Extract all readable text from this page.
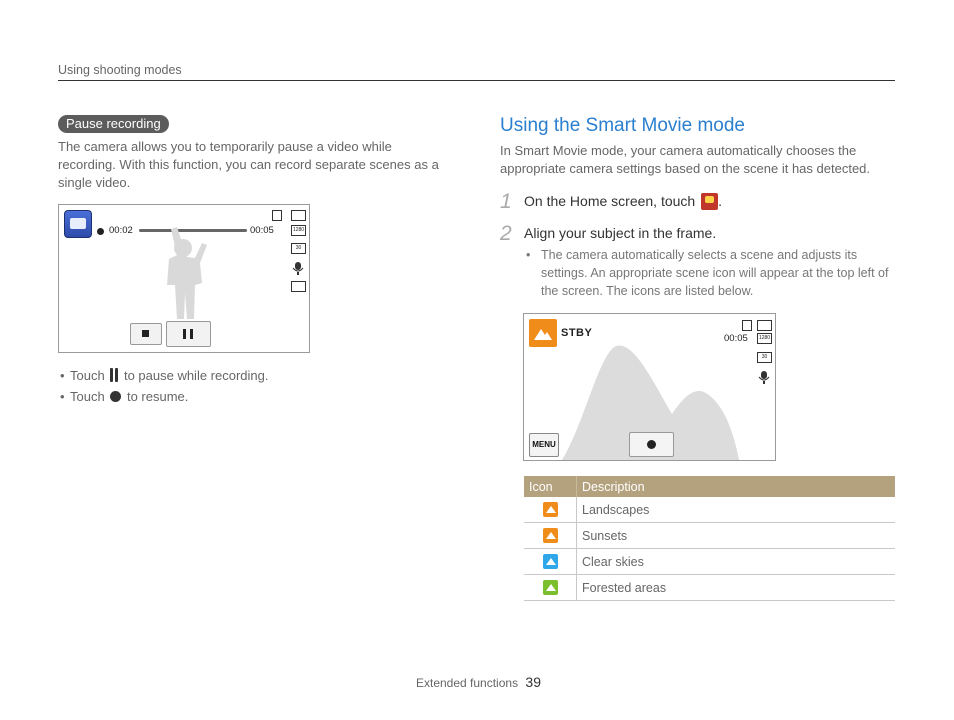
Using shooting modes
Pause recording
The camera allows you to temporarily pause a video while recording. With this function, you can record separate scenes as a single video.
00:02	00:05	1280
30
• Touch to pause while recording.
• Touch to resume.
Using the Smart Movie mode
In Smart Movie mode, your camera automatically chooses the appropriate camera settings based on the scene it has detected.
1 On the Home screen, touch .
2 Align your subject in the frame.
• The camera automatically selects a scene and adjusts its settings. An appropriate scene icon will appear at the top left of the screen. The icons are listed below.
STBY	00:05	1280
30
MENU
Icon	Description
	Landscapes
	Sunsets
	Clear skies
	Forested areas
Extended functions 39
